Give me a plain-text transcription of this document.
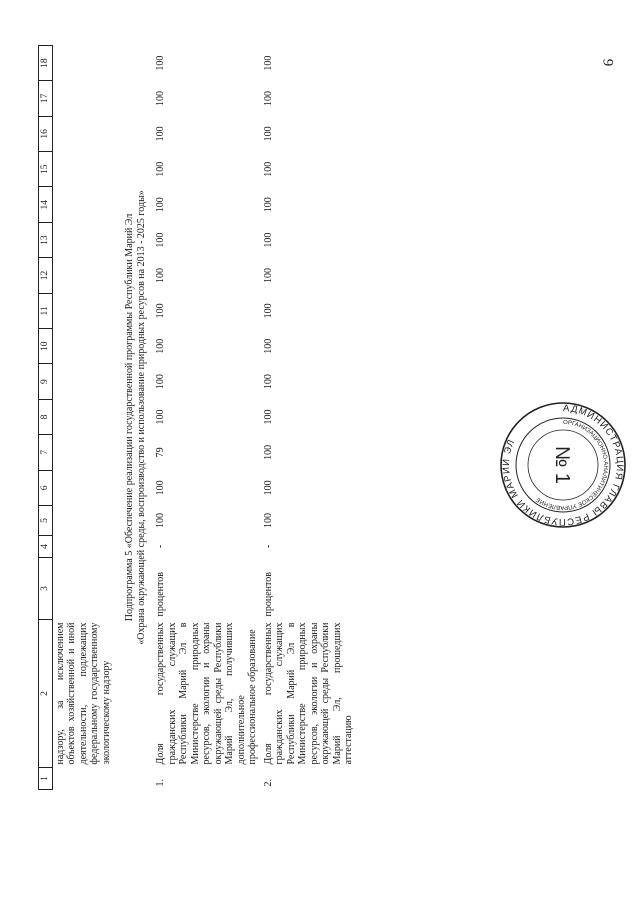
9
1	2	3	4	5	6	7	8	9	10	11	12	13	14	15	16	17	18
	надзору, за исключением объектов хозяйственной и иной деятельности, подлежащих федеральному государственному экологическому надзору																

Подпрограмма 5 «Обеспечение реализации государственной программы Республики Марий Эл «Охрана окружающей среды, воспроизводство и использование природных ресурсов на 2013 - 2025 годы»																	

1.	Доля государственных гражданских служащих Республики Марий Эл в Министерстве природных ресурсов, экологии и охраны окружающей среды Республики Марий Эл, получивших дополнительное профессиональное образование	процентов	-	100	100	79	100	100	100	100	100	100	100	100	100	100	100
2.	Доля государственных гражданских служащих Республики Марий Эл в Министерстве природных ресурсов, экологии и охраны окружающей среды Республики Марий Эл, прошедших аттестацию	процентов	-	100	100	100	100	100	100	100	100	100	100	100	100	100	100
АДМИНИСТРАЦИЯ ГЛАВЫ РЕСПУБЛИКИ МАРИЙ ЭЛ
ОРГАНИЗАЦИОННО-АНАЛИТИЧЕСКОЕ УПРАВЛЕНИЕ
№ 1
